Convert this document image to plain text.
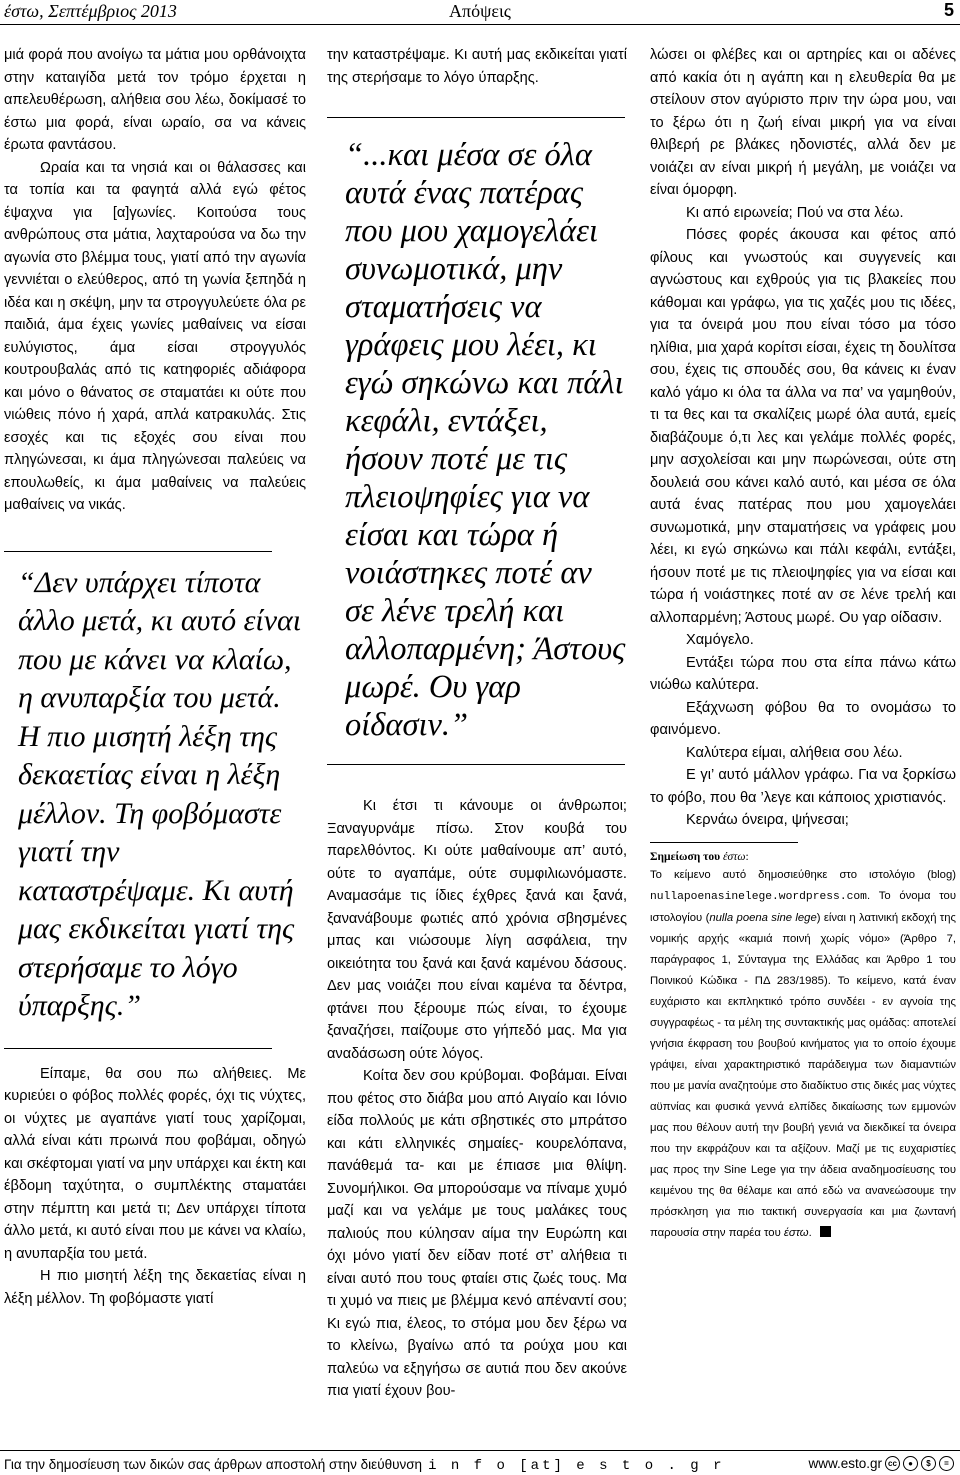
έστω, Σεπτέμβριος 2013	Απόψεις	5

μιά φορά που ανοίγω τα μάτια μου ορθάνοιχτα στην καταιγίδα μετά τον τρόμο έρχεται η απελευθέρωση, αλήθεια σου λέω, δοκίμασέ το έστω μια φορά, είναι ωραίο, σα να κάνεις έρωτα φαντάσου.

Ωραία και τα νησιά και οι θάλασσες και τα τοπία και τα φαγητά αλλά εγώ φέτος έψαχνα για [α]γωνίες. Κοιτούσα τους ανθρώπους στα μάτια, λαχταρούσα να δω την αγωνία στο βλέμμα τους, γιατί από την αγωνία γεννιέται ο ελεύθερος, από τη γωνία ξεπηδά η ιδέα και η σκέψη, μην τα στρογγυλεύετε όλα ρε παιδιά, άμα έχεις γωνίες μαθαίνεις να είσαι ευλύγιστος, άμα είσαι στρογγυλός κουτρουβαλάς από τις κατηφοριές αδιάφορα και μόνο ο θάνατος σε σταματάει κι ούτε που νιώθεις πόνο ή χαρά, απλά κατρακυλάς. Στις εσοχές και τις εξοχές σου είναι που πληγώνεσαι, κι άμα πληγώνεσαι παλεύεις να επουλωθείς, κι άμα μαθαίνεις να παλεύεις μαθαίνεις να νικάς.

“Δεν υπάρχει τίποτα άλλο μετά, κι αυτό είναι που με κάνει να κλαίω, η ανυπαρξία του μετά. Η πιο μισητή λέξη της δεκαετίας είναι η λέξη μέλλον. Τη φοβόμαστε γιατί την καταστρέψαμε. Κι αυτή μας εκδικείται γιατί της στερήσαμε το λόγο ύπαρξης.”

Είπαμε, θα σου πω αλήθειες. Με κυριεύει ο φόβος πολλές φορές, όχι τις νύχτες, οι νύχτες με αγαπάνε γιατί τους χαρίζομαι, αλλά είναι κάτι πρωινά που φοβάμαι, οδηγώ και σκέφτομαι γιατί να μην υπάρχει και έκτη και έβδομη ταχύτητα, ο συμπλέκτης σταματάει στην πέμπτη και μετά τι; Δεν υπάρχει τίποτα άλλο μετά, κι αυτό είναι που με κάνει να κλαίω, η ανυπαρξία του μετά.

Η πιο μισητή λέξη της δεκαετίας είναι η λέξη μέλλον. Τη φοβόμαστε γιατί

την καταστρέψαμε. Κι αυτή μας εκδικείται γιατί της στερήσαμε το λόγο ύπαρξης.

“...και μέσα σε όλα αυτά ένας πατέρας που μου χαμογελάει συνωμοτικά, μην σταματήσεις να γράφεις μου λέει, κι εγώ σηκώνω και πάλι κεφάλι, εντάξει, ήσουν ποτέ με τις πλειοψηφίες για να είσαι και τώρα ή νοιάστηκες ποτέ αν σε λένε τρελή και αλλοπαρμένη; Άστους μωρέ. Ου γαρ οίδασιν.”

Κι έτσι τι κάνουμε οι άνθρωποι; Ξαναγυρνάμε πίσω. Στον κουβά του παρελθόντος. Κι ούτε μαθαίνουμε απ’ αυτό, ούτε το αγαπάμε, ούτε συμφιλιωνόμαστε. Αναμασάμε τις ίδιες έχθρες ξανά και ξανά, ξανανάβουμε φωτιές από χρόνια σβησμένες μπας και νιώσουμε λίγη ασφάλεια, την οικειότητα του ξανά και ξανά καμένου δάσους. Δεν μας νοιάζει που είναι καμένα τα δέντρα, φτάνει που ξέρουμε πώς είναι, το έχουμε ξαναζήσει, παίζουμε στο γήπεδό μας. Μα για αναδάσωση ούτε λόγος.

Κοίτα δεν σου κρύβομαι. Φοβάμαι. Είναι που φέτος στο διάβα μου από Αιγαίο και Ιόνιο είδα πολλούς με κάτι σβηστικές στο μπράτσο και κάτι ελληνικές σημαίες- κουρελόπανα, πανάθεμά τα- και με έπιασε μια θλίψη. Συνομήλικοι. Θα μπορούσαμε να πίναμε χυμό μαζί και να γελάμε με τους μαλάκες τους παλιούς που κύλησαν αίμα την Ευρώπη και όχι μόνο γιατί δεν είδαν ποτέ στ’ αλήθεια τι είναι αυτό που τους φταίει στις ζωές τους. Μα τι χυμό να πιεις με βλέμμα κενό απέναντί σου; Κι εγώ πια, έλεος, το στόμα μου δεν ξέρω να το κλείνω, βγαίνω από τα ρούχα μου και παλεύω να εξηγήσω σε αυτιά που δεν ακούνε πια γιατί έχουν βου-

λώσει οι φλέβες και οι αρτηρίες και οι αδένες από κακία ότι η αγάπη και η ελευθερία θα με στείλουν στον αγύριστο πριν την ώρα μου, ναι το ξέρω ότι η ζωή είναι μικρή για να είναι θλιβερή ρε βλάκες ηδονιστές, αλλά δεν με νοιάζει αν είναι μικρή ή μεγάλη, με νοιάζει να είναι όμορφη.

Κι από ειρωνεία; Πού να στα λέω.

Πόσες φορές άκουσα και φέτος από φίλους και γνωστούς και συγγενείς και αγνώστους και εχθρούς για τις βλακείες που κάθομαι και γράφω, για τις χαζές μου τις ιδέες, για τα όνειρά μου που είναι τόσο μα τόσο ηλίθια, μια χαρά κορίτσι είσαι, έχεις τη δουλίτσα σου, έχεις τις σπουδές σου, θα κάνεις κι έναν καλό γάμο κι όλα τα άλλα να πα’ να γαμηθούν, τι τα θες και τα σκαλίζεις μωρέ όλα αυτά, εμείς διαβάζουμε ό,τι λες και γελάμε πολλές φορές, μην ασχολείσαι και μην πωρώνεσαι, ούτε στη δουλειά σου κάνει καλό αυτό, και μέσα σε όλα αυτά ένας πατέρας που μου χαμογελάει συνωμοτικά, μην σταματήσεις να γράφεις μου λέει, κι εγώ σηκώνω και πάλι κεφάλι, εντάξει, ήσουν ποτέ με τις πλειοψηφίες για να είσαι και τώρα ή νοιάστηκες ποτέ αν σε λένε τρελή και αλλοπαρμένη; Άστους μωρέ. Ου γαρ οίδασιν.

Χαμόγελο.

Εντάξει τώρα που στα είπα πάνω κάτω νιώθω καλύτερα.

Εξάχνωση φόβου θα το ονομάσω το φαινόμενο.

Καλύτερα είμαι, αλήθεια σου λέω.

Ε γι’ αυτό μάλλον γράφω. Για να ξορκίσω το φόβο, που θα ’λεγε και κάποιος χριστιανός.

Κερνάω όνειρα, ψήνεσαι;

Σημείωση του έστω:

Το κείμενο αυτό δημοσιεύθηκε στο ιστολόγιο (blog) nullapoenasinelege.wordpress.com. Το όνομα του ιστολογίου (nulla poena sine lege) είναι η λατινική εκδοχή της νομικής αρχής «καμιά ποινή χωρίς νόμο» (Άρθρο 7, παράγραφος 1, Σύνταγμα της Ελλάδας και Άρθρο 1 του Ποινικού Κώδικα - ΠΔ 283/1985). Το κείμενο, κατά έναν ευχάριστο και εκπληκτικό τρόπο συνδέει - εν αγνοία της συγγραφέως - τα μέλη της συντακτικής μας ομάδας: αποτελεί γνήσια έκφραση του βουβού κινήματος για το οποίο έχουμε γράψει, είναι χαρακτηριστικό παράδειγμα των διαμαντιών που με μανία αναζητούμε στο διαδίκτυο στις δικές μας νύχτες αϋπνίας και φυσικά γεννά ελπίδες δικαίωσης των εμμονών μας που θέλουν αυτή την βουβή γενιά να διεκδικεί τα όνειρα που την εκφράζουν και τα αξίζουν. Μαζί με τις ευχαριστίες μας προς την Sine Lege για την άδεια αναδημοσίευσης του κειμένου της θα θέλαμε και από εδώ να ανανεώσουμε την πρόσκληση για πιο τακτική συνεργασία και μια ζωντανή παρουσία στην παρέα του έστω.

Για την δημοσίευση των δικών σας άρθρων αποστολή στην διεύθυνση i n f o [at] e s t o . g r	www.esto.gr cc	●	$	=
